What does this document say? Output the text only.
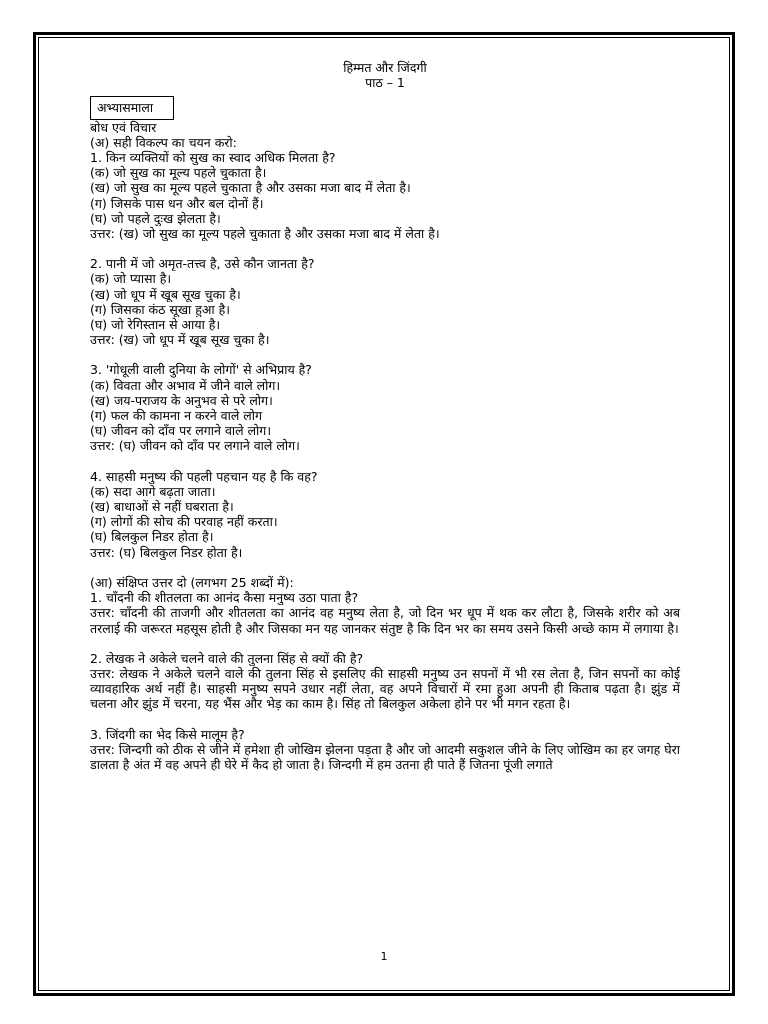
हिम्मत और जिंदगी
पाठ – 1
अभ्यासमाला
बोध एवं विचार
(अ) सही विकल्प का चयन करो:
1. किन व्यक्तियों को सुख का स्वाद अधिक मिलता है?
(क) जो सुख का मूल्य पहले चुकाता है।
(ख) जो सुख का मूल्य पहले चुकाता है और उसका मजा बाद में लेता है।
(ग) जिसके पास धन और बल दोनों हैं।
(घ) जो पहले दुःख झेलता है।
उत्तर: (ख) जो सुख का मूल्य पहले चुकाता है और उसका मजा बाद में लेता है।
2. पानी में जो अमृत-तत्त्व है, उसे कौन जानता है?
(क) जो प्यासा है।
(ख) जो धूप में खूब सूख चुका है।
(ग) जिसका कंठ सूखा हुआ है।
(घ) जो रेगिस्तान से आया है।
उत्तर: (ख) जो धूप में खूब सूख चुका है।
3. 'गोधूली वाली दुनिया के लोगों' से अभिप्राय है?
(क) विवता और अभाव में जीने वाले लोग।
(ख) जय-पराजय के अनुभव से परे लोग।
(ग) फल की कामना न करने वाले लोग
(घ) जीवन को दाँव पर लगाने वाले लोग।
उत्तर: (घ) जीवन को दाँव पर लगाने वाले लोग।
4. साहसी मनुष्य की पहली पहचान यह है कि वह?
(क) सदा आगे बढ़ता जाता।
(ख) बाधाओं से नहीं घबराता है।
(ग) लोगों की सोच की परवाह नहीं करता।
(घ) बिलकुल निडर होता है।
उत्तर: (घ) बिलकुल निडर होता है।
(आ) संक्षिप्त उत्तर दो (लगभग 25 शब्दों में):
1. चाँदनी की शीतलता का आनंद कैसा मनुष्य उठा पाता है?
उत्तर: चाँदनी की ताजगी और शीतलता का आनंद वह मनुष्य लेता है, जो दिन भर धूप में थक कर लौटा है, जिसके शरीर को अब तरलाई की जरूरत महसूस होती है और जिसका मन यह जानकर संतुष्ट है कि दिन भर का समय उसने किसी अच्छे काम में लगाया है।
2. लेखक ने अकेले चलने वाले की तुलना सिंह से क्यों की है?
उत्तर: लेखक ने अकेले चलने वाले की तुलना सिंह से इसलिए की साहसी मनुष्य उन सपनों में भी रस लेता है, जिन सपनों का कोई व्यावहारिक अर्थ नहीं है। साहसी मनुष्य सपने उधार नहीं लेता, वह अपने विचारों में रमा हुआ अपनी ही किताब पढ़ता है। झुंड में चलना और झुंड में चरना, यह भैंस और भेड़ का काम है। सिंह तो बिलकुल अकेला होने पर भी मगन रहता है।
3. जिंदगी का भेद किसे मालूम है?
उत्तर: जिन्दगी को ठीक से जीने में हमेशा ही जोखिम झेलना पड़ता है और जो आदमी सकुशल जीने के लिए जोखिम का हर जगह घेरा डालता है अंत में वह अपने ही घेरे में कैद हो जाता है। जिन्दगी में हम उतना ही पाते हैं जितना पूंजी लगाते
1
